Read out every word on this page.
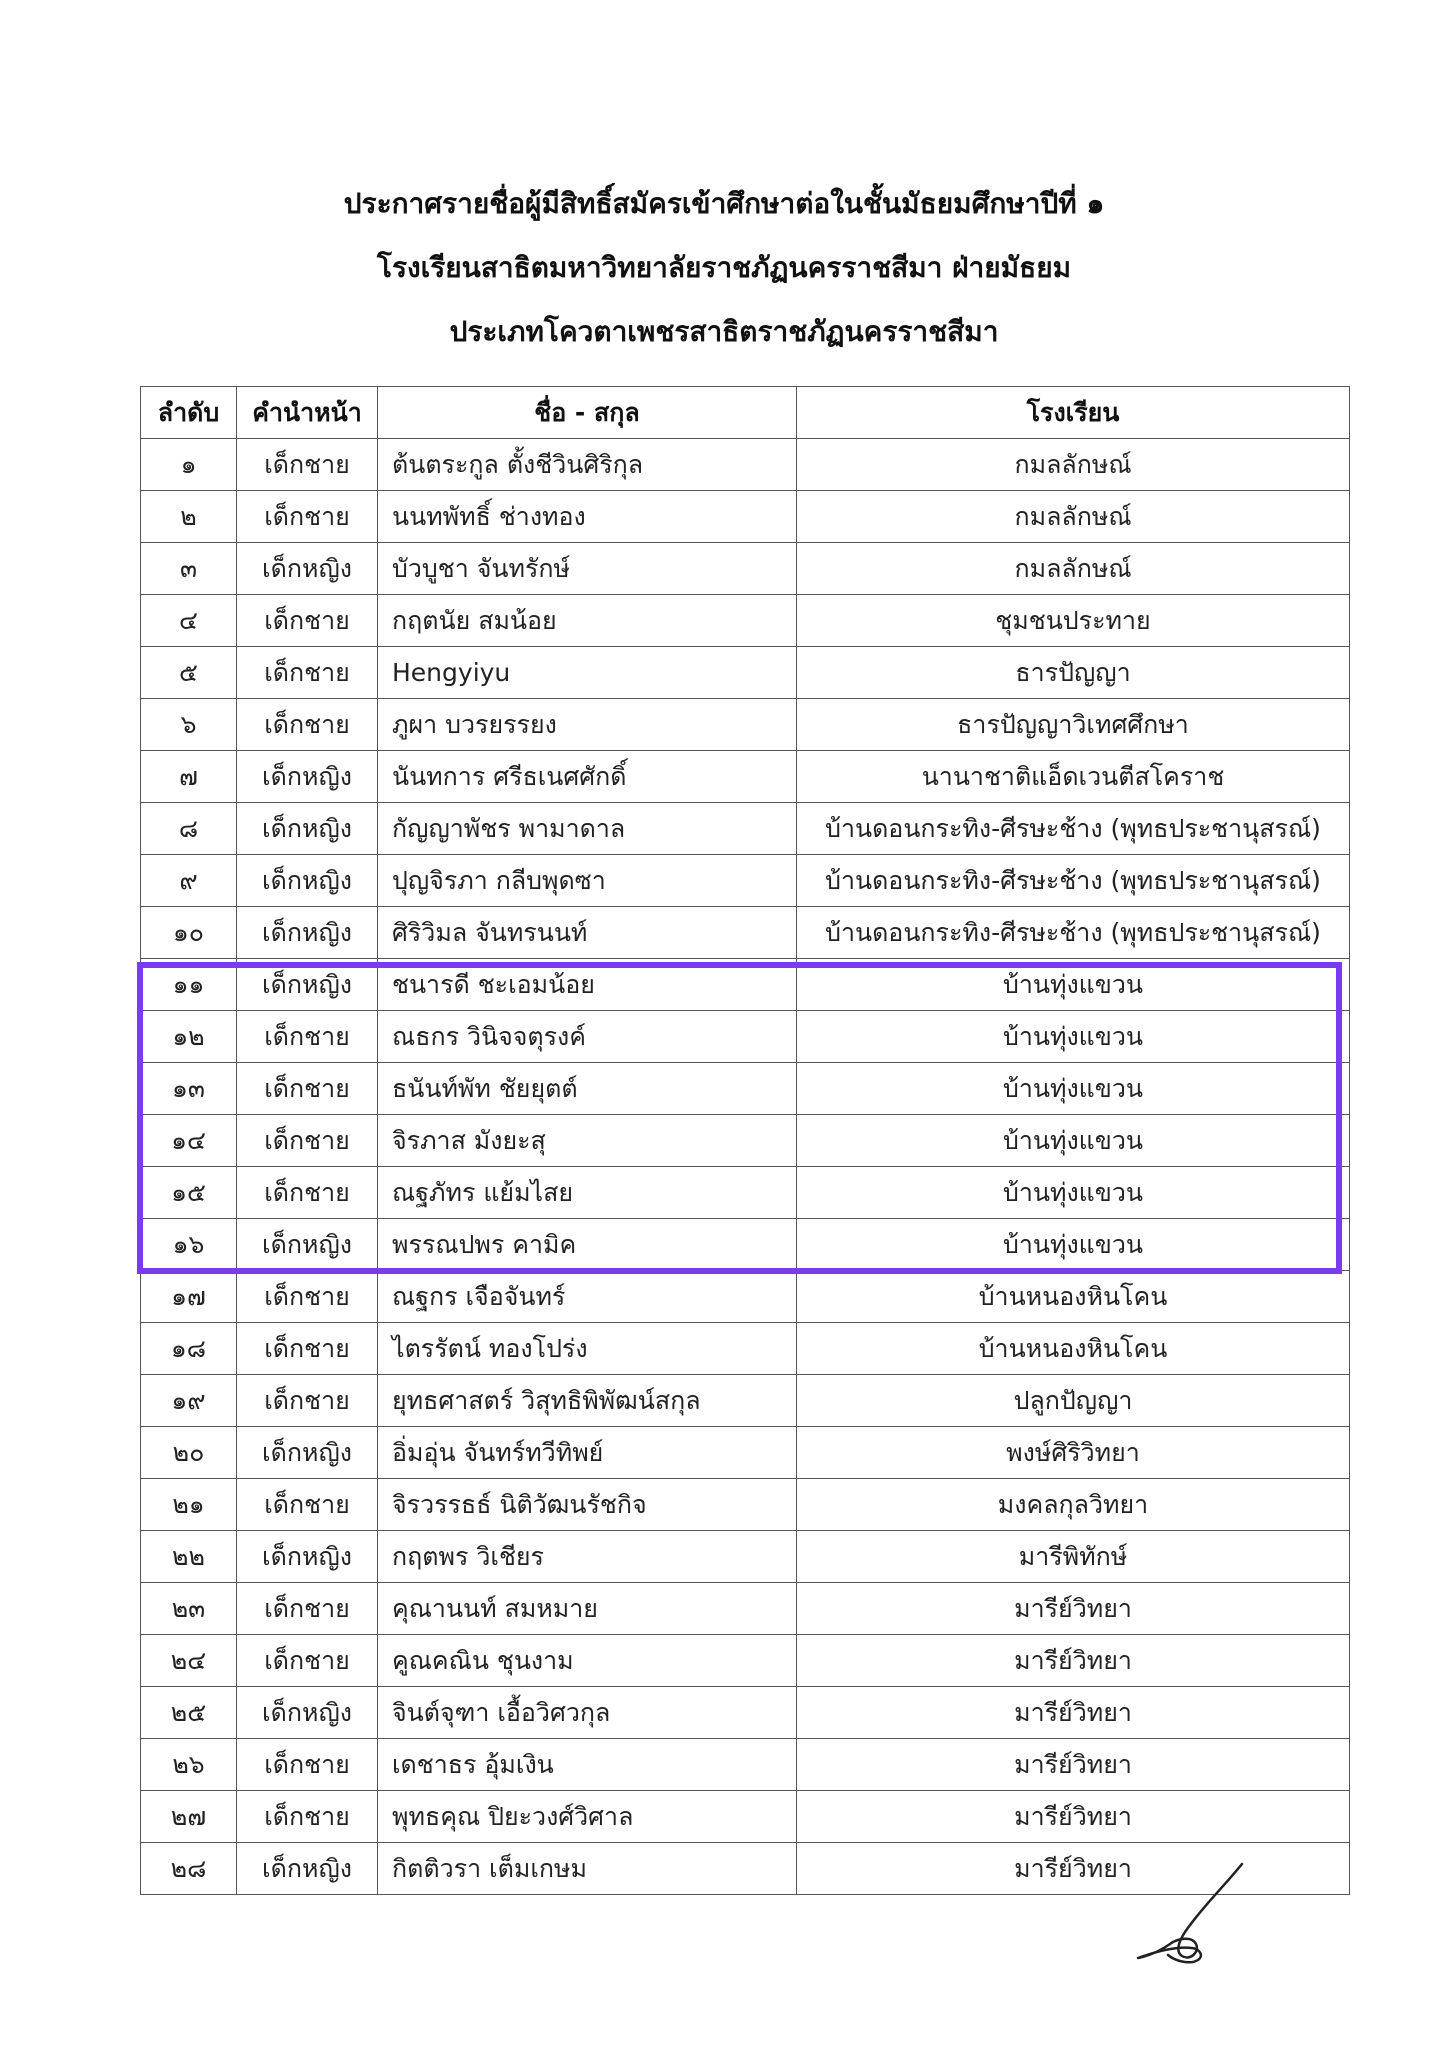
ประกาศรายชื่อผู้มีสิทธิ์สมัครเข้าศึกษาต่อในชั้นมัธยมศึกษาปีที่ ๑
โรงเรียนสาธิตมหาวิทยาลัยราชภัฏนครราชสีมา ฝ่ายมัธยม
ประเภทโควตาเพชรสาธิตราชภัฏนครราชสีมา
ลำดับ	คำนำหน้า	ชื่อ - สกุล	โรงเรียน
๑	เด็กชาย	ต้นตระกูล ตั้งชีวินศิริกุล	กมลลักษณ์
๒	เด็กชาย	นนทพัทธิ์ ช่างทอง	กมลลักษณ์
๓	เด็กหญิง	บัวบูชา จันทรักษ์	กมลลักษณ์
๔	เด็กชาย	กฤตนัย สมน้อย	ชุมชนประทาย
๕	เด็กชาย	Hengyiyu	ธารปัญญา
๖	เด็กชาย	ภูผา บวรยรรยง	ธารปัญญาวิเทศศึกษา
๗	เด็กหญิง	นันทการ ศรีธเนศศักดิ์	นานาชาติแอ็ดเวนตีสโคราช
๘	เด็กหญิง	กัญญาพัชร พามาดาล	บ้านดอนกระทิง-ศีรษะช้าง (พุทธประชานุสรณ์)
๙	เด็กหญิง	ปุญจิรภา กลีบพุดซา	บ้านดอนกระทิง-ศีรษะช้าง (พุทธประชานุสรณ์)
๑๐	เด็กหญิง	ศิริวิมล จันทรนนท์	บ้านดอนกระทิง-ศีรษะช้าง (พุทธประชานุสรณ์)
๑๑	เด็กหญิง	ชนารดี ชะเอมน้อย	บ้านทุ่งแขวน
๑๒	เด็กชาย	ณธกร วินิจจตุรงค์	บ้านทุ่งแขวน
๑๓	เด็กชาย	ธนันท์พัท ชัยยุตต์	บ้านทุ่งแขวน
๑๔	เด็กชาย	จิรภาส มังยะสุ	บ้านทุ่งแขวน
๑๕	เด็กชาย	ณฐภัทร แย้มไสย	บ้านทุ่งแขวน
๑๖	เด็กหญิง	พรรณปพร คามิค	บ้านทุ่งแขวน
๑๗	เด็กชาย	ณฐกร เจือจันทร์	บ้านหนองหินโคน
๑๘	เด็กชาย	ไตรรัตน์ ทองโปร่ง	บ้านหนองหินโคน
๑๙	เด็กชาย	ยุทธศาสตร์ วิสุทธิพิพัฒน์สกุล	ปลูกปัญญา
๒๐	เด็กหญิง	อิ่มอุ่น จันทร์ทวีทิพย์	พงษ์ศิริวิทยา
๒๑	เด็กชาย	จิรวรรธธ์ นิติวัฒนรัชกิจ	มงคลกุลวิทยา
๒๒	เด็กหญิง	กฤตพร วิเชียร	มารีพิทักษ์
๒๓	เด็กชาย	คุณานนท์ สมหมาย	มารีย์วิทยา
๒๔	เด็กชาย	คูณคณิน ชุนงาม	มารีย์วิทยา
๒๕	เด็กหญิง	จินต์จุฑา เอื้อวิศวกุล	มารีย์วิทยา
๒๖	เด็กชาย	เดชาธร อุ้มเงิน	มารีย์วิทยา
๒๗	เด็กชาย	พุทธคุณ ปิยะวงศ์วิศาล	มารีย์วิทยา
๒๘	เด็กหญิง	กิตติวรา เต็มเกษม	มารีย์วิทยา
